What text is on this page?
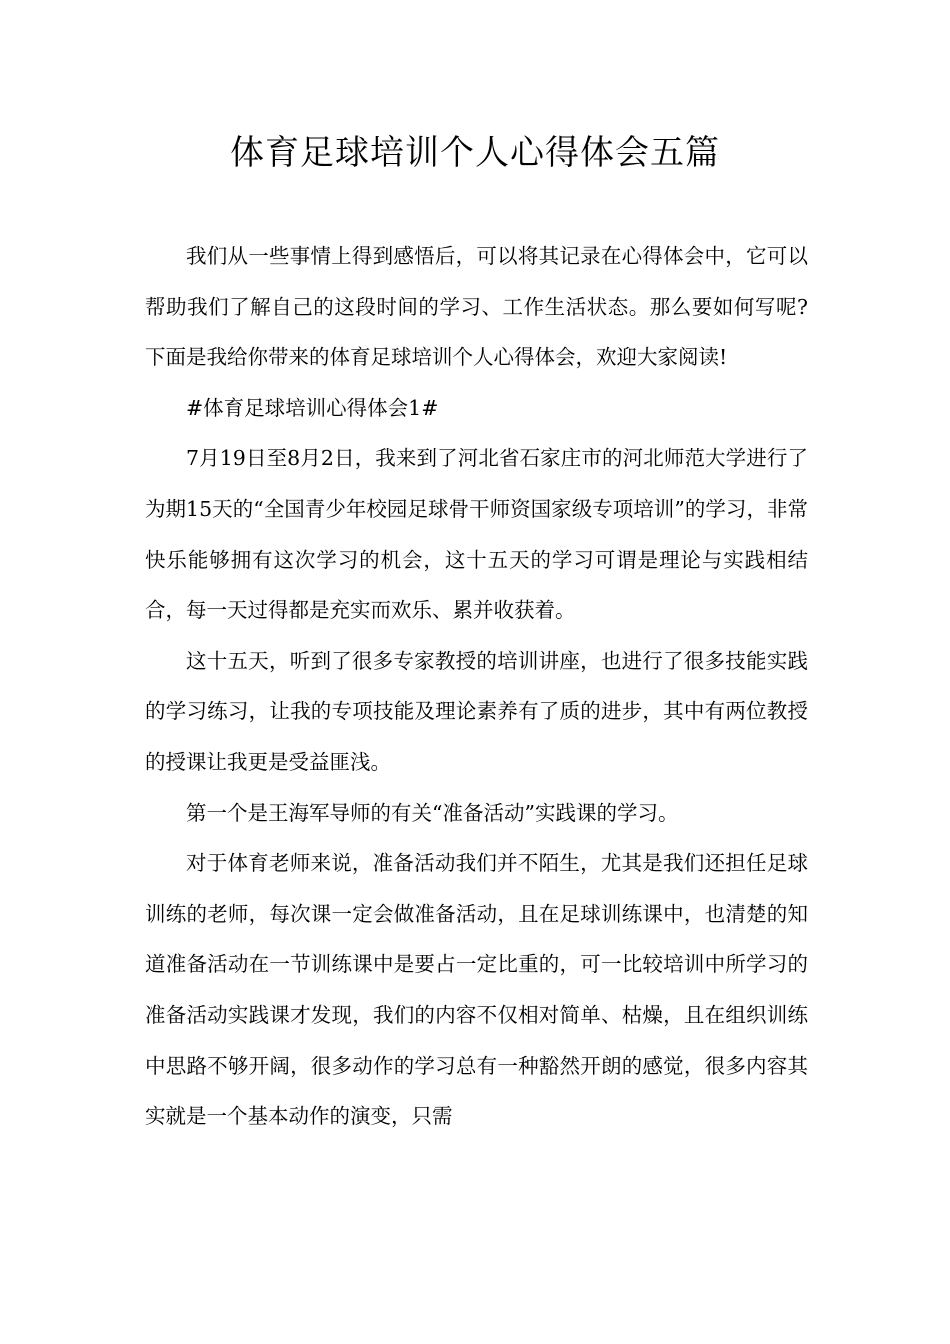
体育足球培训个人心得体会五篇

我们从一些事情上得到感悟后，可以将其记录在心得体会中，它可以帮助我们了解自己的这段时间的学习、工作生活状态。那么要如何写呢?下面是我给你带来的体育足球培训个人心得体会，欢迎大家阅读!

#体育足球培训心得体会1#

7月19日至8月2日，我来到了河北省石家庄市的河北师范大学进行了为期15天的“全国青少年校园足球骨干师资国家级专项培训”的学习，非常快乐能够拥有这次学习的机会，这十五天的学习可谓是理论与实践相结合，每一天过得都是充实而欢乐、累并收获着。

这十五天，听到了很多专家教授的培训讲座，也进行了很多技能实践的学习练习，让我的专项技能及理论素养有了质的进步，其中有两位教授的授课让我更是受益匪浅。

第一个是王海军导师的有关“准备活动”实践课的学习。

对于体育老师来说，准备活动我们并不陌生，尤其是我们还担任足球训练的老师，每次课一定会做准备活动，且在足球训练课中，也清楚的知道准备活动在一节训练课中是要占一定比重的，可一比较培训中所学习的准备活动实践课才发现，我们的内容不仅相对简单、枯燥，且在组织训练中思路不够开阔，很多动作的学习总有一种豁然开朗的感觉，很多内容其实就是一个基本动作的演变，只需
